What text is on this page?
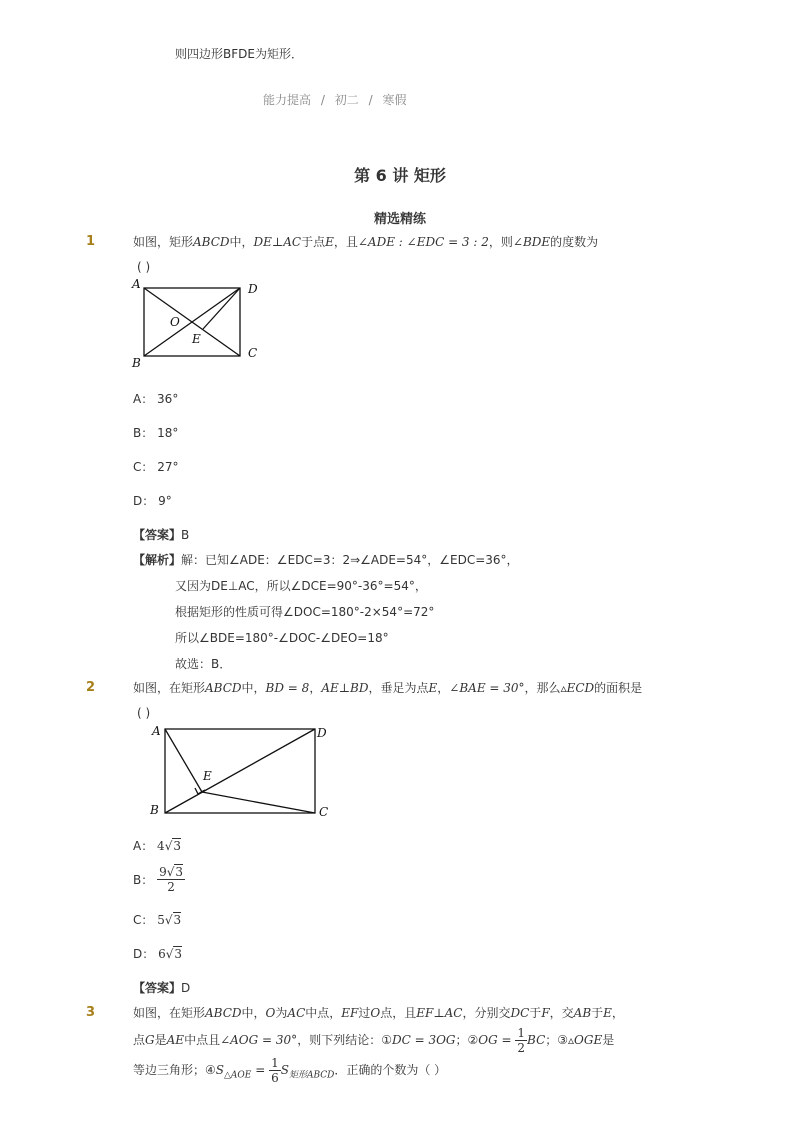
则四边形BFDE为矩形．
能力提高 / 初二 / 寒假
第 6 讲 矩形
精选精练
1	如图，矩形ABCD中，DE⊥AC于点E，且∠ADE : ∠EDC = 3 : 2，则∠BDE的度数为
( )
A	D
B
C
O
E
A： 36°
B： 18°
C： 27°
D： 9°
【答案】B
【解析】解：已知∠ADE：∠EDC=3：2⇒∠ADE=54°，∠EDC=36°，
又因为DE⊥AC，所以∠DCE=90°-36°=54°，
根据矩形的性质可得∠DOC=180°-2×54°=72°
所以∠BDE=180°-∠DOC-∠DEO=18°
故选：B．
2	如图，在矩形ABCD中，BD = 8，AE⊥BD，垂足为点E，∠BAE = 30°，那么▵ECD的面积是
( )
A	D
B	C
E
A： 4√3
B： $\frac{9√3}{2}$
C： 5√3
D： 6√3
【答案】D
3	如图，在矩形ABCD中，O为AC中点，EF过O点，且EF⊥AC，分别交DC于F，交AB于E，
点G是AE中点且∠AOG = 30°，则下列结论：①DC = 3OG；②OG = $\frac{1}{2}$ BC；③▵OGE是
等边三角形；$④S_{\triangle AOE} = \frac{1}{6} S_{矩形ABCD}$．正确的个数为（ ）
